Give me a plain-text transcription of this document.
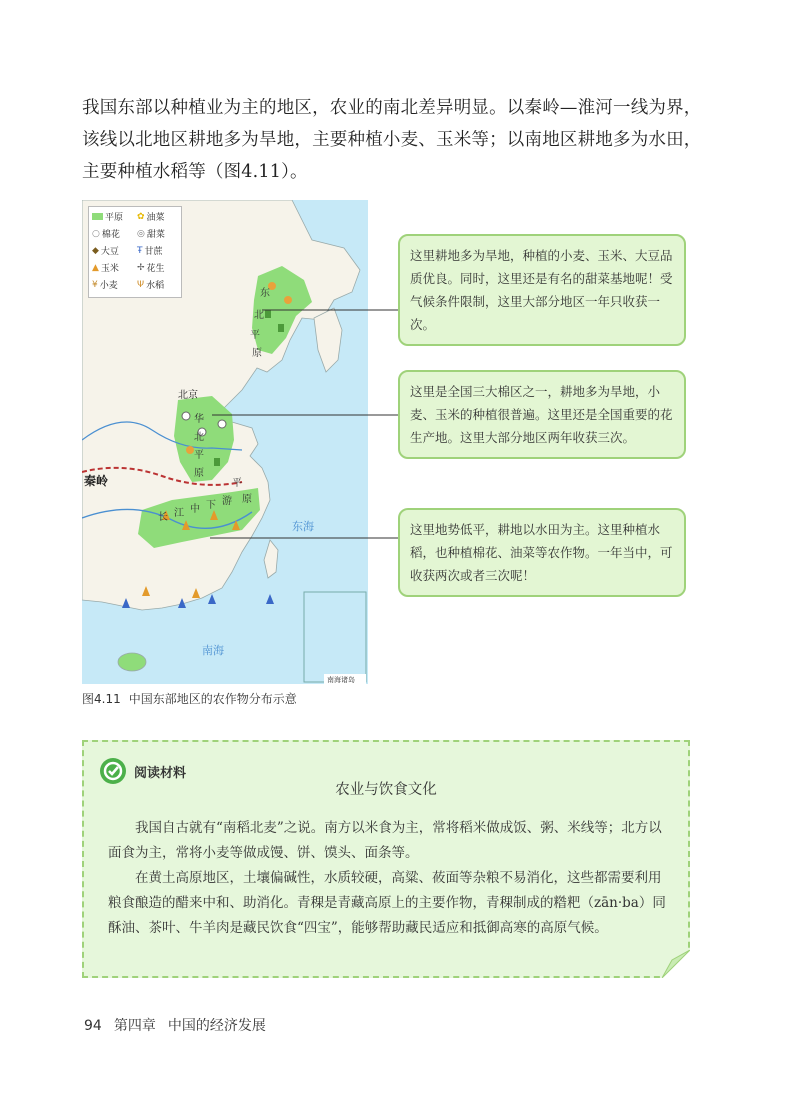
我国东部以种植业为主的地区，农业的南北差异明显。以秦岭—淮河一线为界，该线以北地区耕地多为旱地，主要种植小麦、玉米等；以南地区耕地多为水田，主要种植水稻等（图4.11）。
北京
秦岭
东
北
平
原
华
北
平
原
长 江 中 下 游
平
原
东海
南海
南海诸岛
平原 ✿ 油菜
○ 棉花 ◎ 甜菜
◆ 大豆 Ŧ 甘蔗
▲ 玉米 ✢ 花生
¥ 小麦 Ψ 水稻
这里耕地多为旱地，种植的小麦、玉米、大豆品质优良。同时，这里还是有名的甜菜基地呢！受气候条件限制，这里大部分地区一年只收获一次。
这里是全国三大棉区之一，耕地多为旱地，小麦、玉米的种植很普遍。这里还是全国重要的花生产地。这里大部分地区两年收获三次。
这里地势低平，耕地以水田为主。这里种植水稻，也种植棉花、油菜等农作物。一年当中，可收获两次或者三次呢！
图4.11 中国东部地区的农作物分布示意
阅读材料
农业与饮食文化

我国自古就有“南稻北麦”之说。南方以米食为主，常将稻米做成饭、粥、米线等；北方以面食为主，常将小麦等做成馒、饼、馍头、面条等。

在黄土高原地区，土壤偏碱性，水质较硬，高粱、莜面等杂粮不易消化，这些都需要利用粮食酿造的醋来中和、助消化。青稞是青藏高原上的主要作物，青稞制成的糌粑（zān·ba）同酥油、茶叶、牛羊肉是藏民饮食“四宝”，能够帮助藏民适应和抵御高寒的高原气候。

94 第四章 中国的经济发展
